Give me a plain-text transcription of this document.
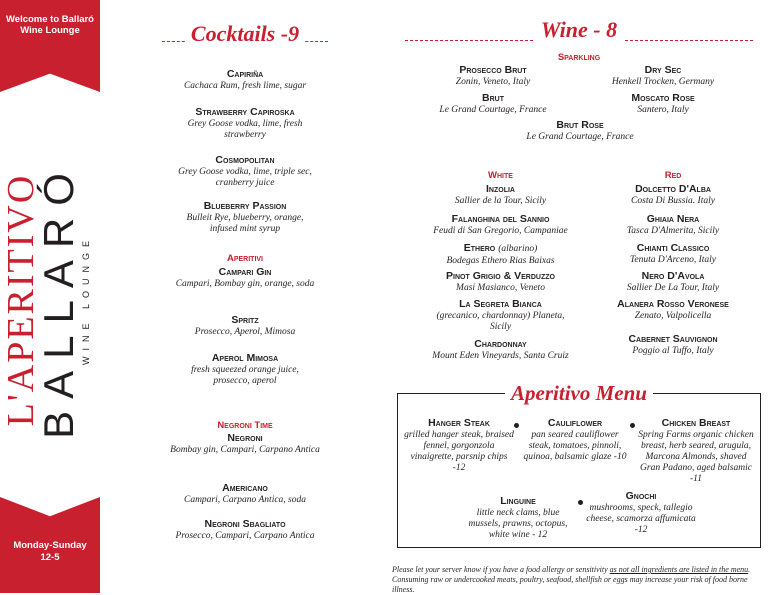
Welcome to Ballaró Wine Lounge
L'APERITIVO
BALLARÓ WINE LOUNGE
Monday-Sunday
12-5
Cocktails -9
Capiriña
Cachaca Rum, fresh lime, sugar
Strawberry Capiroska
Grey Goose vodka, lime, fresh strawberry
Cosmopolitan
Grey Goose vodka, lime, triple sec, cranberry juice
Blueberry Passion
Bulleit Rye, blueberry, orange, infused mint syrup
Aperitivi
Campari Gin
Campari, Bombay gin, orange, soda
Spritz
Prosecco, Aperol, Mimosa
Aperol Mimosa
fresh squeezed orange juice, prosecco, aperol
Negroni Time
Negroni
Bombay gin, Campari, Carpano Antica
Americano
Campari, Carpano Antica, soda
Negroni Sbagliato
Prosecco, Campari, Carpano Antica
Wine - 8
Sparkling
Prosecco Brut
Zonin, Veneto, Italy
Dry Sec
Henkell Trocken, Germany
Brut
Le Grand Courtage, France
Moscato Rose
Santero, Italy
Brut Rose
Le Grand Courtage, France
White
Inzolia
Sallier de la Tour, Sicily
Falanghina del Sannio
Feudi di San Gregorio, Campaniae
Ethero (albarino)
Bodegas Ethero Rias Baixas
Pinot Grigio & Verduzzo
Masi Masianco, Veneto
La Segreta Bianca
(grecanico, chardonnay) Planeta, Sicily
Chardonnay
Mount Eden Vineyards, Santa Cruiz
Red
Dolcetto D'Alba
Costa Di Bussia. Italy
Ghiaia Nera
Tasca D'Almerita, Sicily
Chianti Classico
Tenuta D'Arceno, Italy
Nero D'Avola
Sallier De La Tour, Italy
Alanera Rosso Veronese
Zenato, Valpolicella
Cabernet Sauvignon
Poggio al Tuffo, Italy
Aperitivo Menu
Hanger Steak
grilled hanger steak, braised fennel, gorgonzola vinaigrette, parsnip chips -12
Cauliflower
pan seared cauliflower steak, tomatoes, pinnoli, quinoa, balsamic glaze -10
Chicken Breast
Spring Farms organic chicken breast, herb seared, arugula, Marcona Almonds, shaved Gran Padano, aged balsamic -11
Linguine
little neck clams, blue mussels, prawns, octopus, white wine - 12
Gnochi
mushrooms, speck, tallegio cheese, scamorza affumicata -12
Please let your server know if you have a food allergy or sensitivity as not all ingredients are listed in the menu. Consuming raw or undercooked meats, poultry, seafood, shellfish or eggs may increase your risk of food borne illness.
